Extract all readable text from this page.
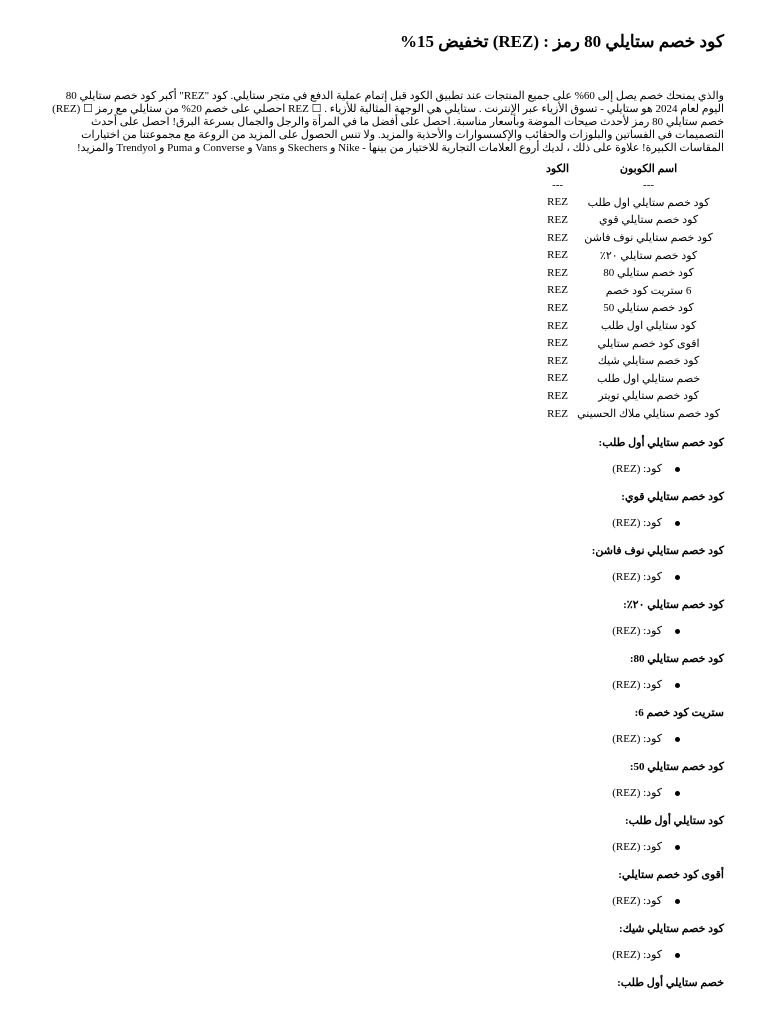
كود خصم ستايلي 80 رمز : (REZ) تخفيض 15%

والذي يمنحك خصم يصل إلى 60% على جميع المنتجات عند تطبيق الكود قبل إتمام عملية الدفع في متجر ستايلي. كود "REZ" أكبر كود خصم ستايلي 80 اليوم لعام 2024 هو ستايلي - تسوق الأزياء عبر الإنترنت . ستايلي هي الوجهة المثالية للأزياء . ☐ REZ احصلي على خصم 20% من ستايلي مع رمز ☐ (REZ) خصم ستايلي 80 رمز لأحدث صيحات الموضة وبأسعار مناسبة. احصل على أفضل ما في المرأة والرجل والجمال بسرعة البرق! احصل على أحدث التصميمات في الفساتين والبلوزات والحقائب والإكسسوارات والأحذية والمزيد. ولا تنس الحصول على المزيد من الروعة مع مجموعتنا من اختيارات المقاسات الكبيرة! علاوة على ذلك ، لديك أروع العلامات التجارية للاختيار من بينها - Nike و Skechers و Vans و Converse و Puma و Trendyol والمزيد!

اسم الكوبون	الكود
---	---
كود خصم ستايلي اول طلب	REZ
كود خصم ستايلي قوي	REZ
كود خصم ستايلي نوف فاشن	REZ
كود خصم ستايلي ٢٠٪	REZ
كود خصم ستايلي 80	REZ
6 ستريت كود خصم	REZ
كود خصم ستايلي 50	REZ
كود ستايلي اول طلب	REZ
اقوى كود خصم ستايلي	REZ
كود خصم ستايلي شيك	REZ
خصم ستايلي اول طلب	REZ
كود خصم ستايلي تويتر	REZ
كود خصم ستايلي ملاك الحسيني	REZ
كود خصم ستايلي أول طلب:
كود: (REZ)
كود خصم ستايلي قوي:
كود: (REZ)
كود خصم ستايلي نوف فاشن:
كود: (REZ)
كود خصم ستايلي ٢٠٪:
كود: (REZ)
كود خصم ستايلي 80:
كود: (REZ)
ستريت كود خصم 6:
كود: (REZ)
كود خصم ستايلي 50:
كود: (REZ)
كود ستايلي أول طلب:
كود: (REZ)
أقوى كود خصم ستايلي:
كود: (REZ)
كود خصم ستايلي شيك:
كود: (REZ)
خصم ستايلي أول طلب:
